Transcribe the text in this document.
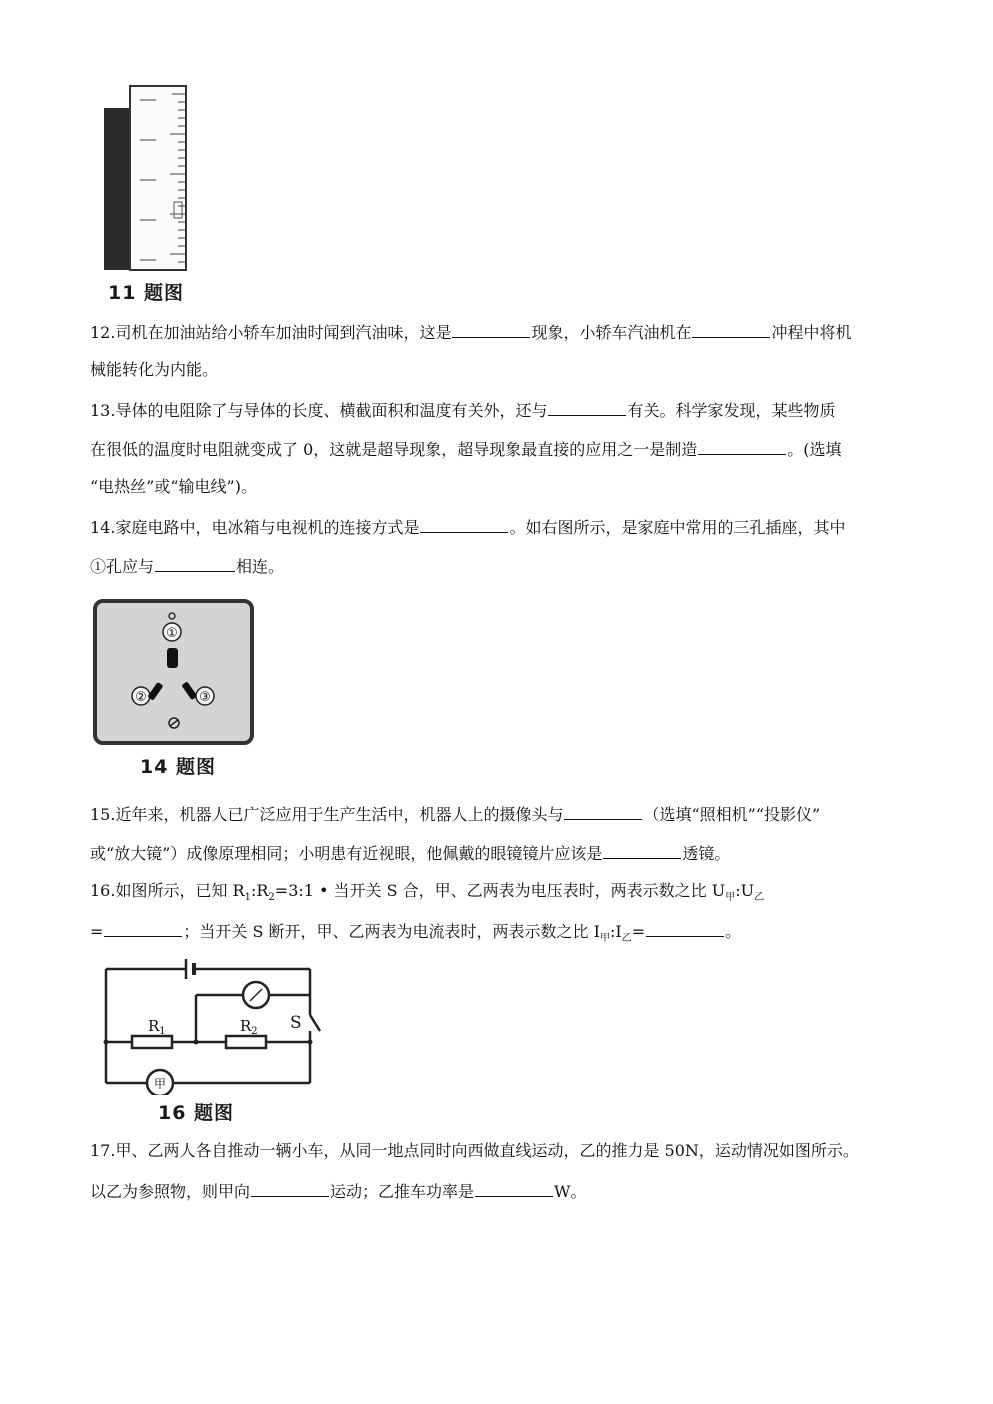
11 题图
12.司机在加油站给小轿车加油时闻到汽油味，这是	现象，小轿车汽油机在	冲程中将机
械能转化为内能。
13.导体的电阻除了与导体的长度、横截面积和温度有关外，还与	有关。科学家发现，某些物质
在很低的温度时电阻就变成了 0，这就是超导现象，超导现象最直接的应用之一是制造	。(选填
“电热丝”或“输电线”)。
14.家庭电路中，电冰箱与电视机的连接方式是	。如右图所示，是家庭中常用的三孔插座，其中
①孔应与	相连。
①
②	③
14 题图
15.近年来，机器人已广泛应用于生产生活中，机器人上的摄像头与	（选填“照相机”“投影仪”
或“放大镜”）成像原理相同；小明患有近视眼，他佩戴的眼镜镜片应该是	透镜。
16.如图所示，已知 $R_1:R_2=3:1$ • 当开关 S 合，甲、乙两表为电压表时，两表示数之比 $U_甲:U_乙$
=	；当开关 S 断开，甲、乙两表为电流表时，两表示数之比 $I_甲:I_乙=$	。
$R_1$	$R_2$ S
甲
16 题图
17.甲、乙两人各自推动一辆小车，从同一地点同时向西做直线运动，乙的推力是 50N，运动情况如图所示。
以乙为参照物，则甲向	运动；乙推车功率是	W。
